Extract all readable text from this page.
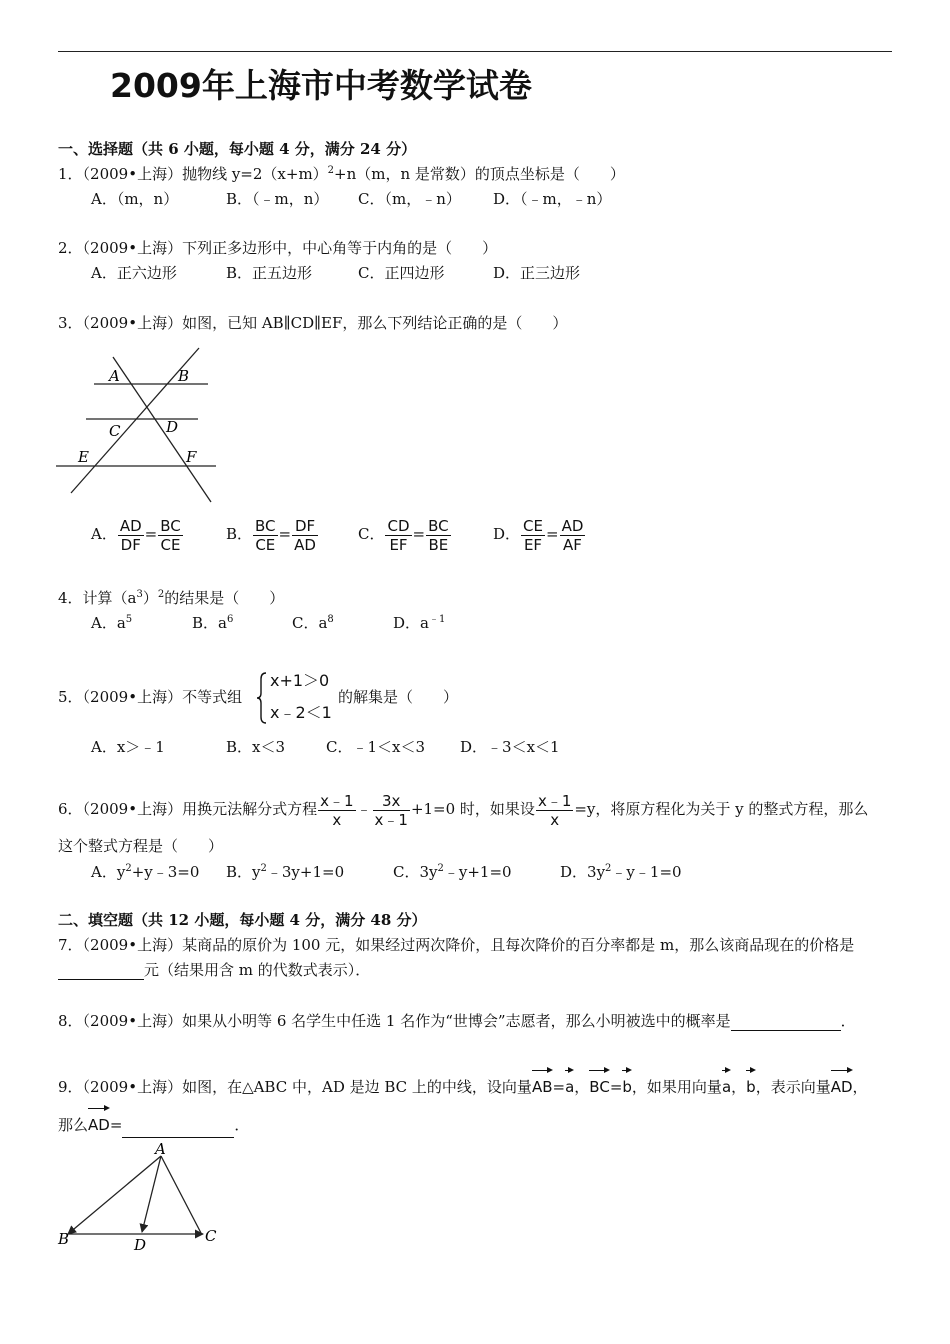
2009年上海市中考数学试卷
一、选择题（共 6 小题，每小题 4 分，满分 24 分）
1．（2009•上海）抛物线 $y=2(x+m)^2+n(m$，n 是常数）的顶点坐标是（　　）
A．（m，n）	B．（﹣m，n） C．（m，﹣n） D．（﹣m，﹣n）
2．（2009•上海）下列正多边形中，中心角等于内角的是（　　）
A．正六边形	B．正五边形	C．正四边形	D．正三边形
3．（2009•上海）如图，已知 AB∥CD∥EF，那么下列结论正确的是（　　）
A	B
C	D
E	F
A． $\frac{AD}{DF} = \frac{BC}{CE}$	B． $\frac{BC}{CE} = \frac{DF}{AD}$	C． $\frac{CD}{EF} = \frac{BC}{BE}$	D． $\frac{CE}{EF} = \frac{AD}{AF}$
4．计算$(a^3)^2$的结果是（　　）
A．$a^5$	B．$a^6$	C．$a^8$	D．$a^{﹣1}$
5．（2009•上海）不等式组
x+1＞0
x﹣2＜1
的解集是（　　）
A．x＞﹣1	B．x＜3	C．﹣1＜x＜3 D．﹣3＜x＜1
6．（2009•上海）用换元法解分式方程 $\frac{x﹣1}{x}$ ﹣ $\frac{3x}{x﹣1} +1=0$ 时，如果设 $\frac{x﹣1}{x} =y$，将原方程化为关于 y 的整式方程，那么
这个整式方程是（　　）
A．$y^2+y﹣3=0$ B．$y^2﹣3y+1=0$	C．$3y^2﹣y+1=0$	D．$3y^2﹣y﹣1=0$
二、填空题（共 12 小题，每小题 4 分，满分 48 分）
7．（2009•上海）某商品的原价为 100 元，如果经过两次降价，且每次降价的百分率都是 m，那么该商品现在的价格是
元（结果用含 m 的代数式表示）．
8．（2009•上海）如果从小明等 6 名学生中任选 1 名作为“世博会”志愿者，那么小明被选中的概率是	．
9．（2009•上海）如图，在△ABC 中，AD 是边 BC 上的中线，设向量AB=a，BC=b，如果用向量a，b，表示向量AD，
那么AD=	．
A
B	D	C
